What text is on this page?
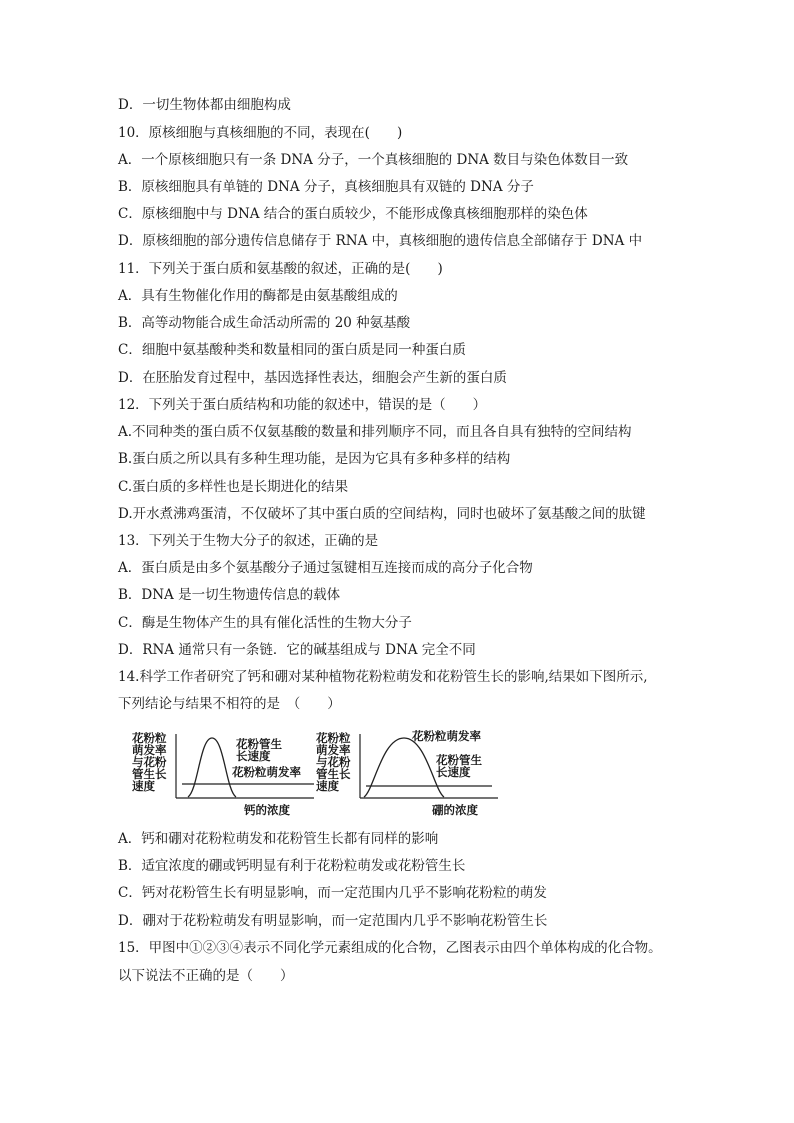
D．一切生物体都由细胞构成
10．原核细胞与真核细胞的不同，表现在(　　)
A．一个原核细胞只有一条 DNA 分子，一个真核细胞的 DNA 数目与染色体数目一致
B．原核细胞具有单链的 DNA 分子，真核细胞具有双链的 DNA 分子
C．原核细胞中与 DNA 结合的蛋白质较少，不能形成像真核细胞那样的染色体
D．原核细胞的部分遗传信息储存于 RNA 中，真核细胞的遗传信息全部储存于 DNA 中
11．下列关于蛋白质和氨基酸的叙述，正确的是(　　)
A．具有生物催化作用的酶都是由氨基酸组成的
B．高等动物能合成生命活动所需的 20 种氨基酸
C．细胞中氨基酸种类和数量相同的蛋白质是同一种蛋白质
D．在胚胎发育过程中，基因选择性表达，细胞会产生新的蛋白质
12．下列关于蛋白质结构和功能的叙述中，错误的是（　　）
A.不同种类的蛋白质不仅氨基酸的数量和排列顺序不同，而且各自具有独特的空间结构
B.蛋白质之所以具有多种生理功能，是因为它具有多种多样的结构
C.蛋白质的多样性也是长期进化的结果
D.开水煮沸鸡蛋清，不仅破坏了其中蛋白质的空间结构，同时也破坏了氨基酸之间的肽键
13．下列关于生物大分子的叙述，正确的是
A．蛋白质是由多个氨基酸分子通过氢键相互连接而成的高分子化合物
B．DNA 是一切生物遗传信息的载体
C．酶是生物体产生的具有催化活性的生物大分子
D．RNA 通常只有一条链．它的碱基组成与 DNA 完全不同
14.科学工作者研究了钙和硼对某种植物花粉粒萌发和花粉管生长的影响,结果如下图所示,
下列结论与结果不相符的是　（　　）
A．钙和硼对花粉粒萌发和花粉管生长都有同样的影响
B．适宜浓度的硼或钙明显有利于花粉粒萌发或花粉管生长
C．钙对花粉管生长有明显影响，而一定范围内几乎不影响花粉粒的萌发
D．硼对于花粉粒萌发有明显影响，而一定范围内几乎不影响花粉管生长
15．甲图中①②③④表示不同化学元素组成的化合物，乙图表示由四个单体构成的化合物。
以下说法不正确的是（　　）
花粉粒
萌发率
与花粉
管生长
速度
花粉管生
长速度
花粉粒萌发率
钙的浓度
花粉粒
萌发率
与花粉
管生长
速度
花粉粒萌发率
花粉管生
长速度
硼的浓度
